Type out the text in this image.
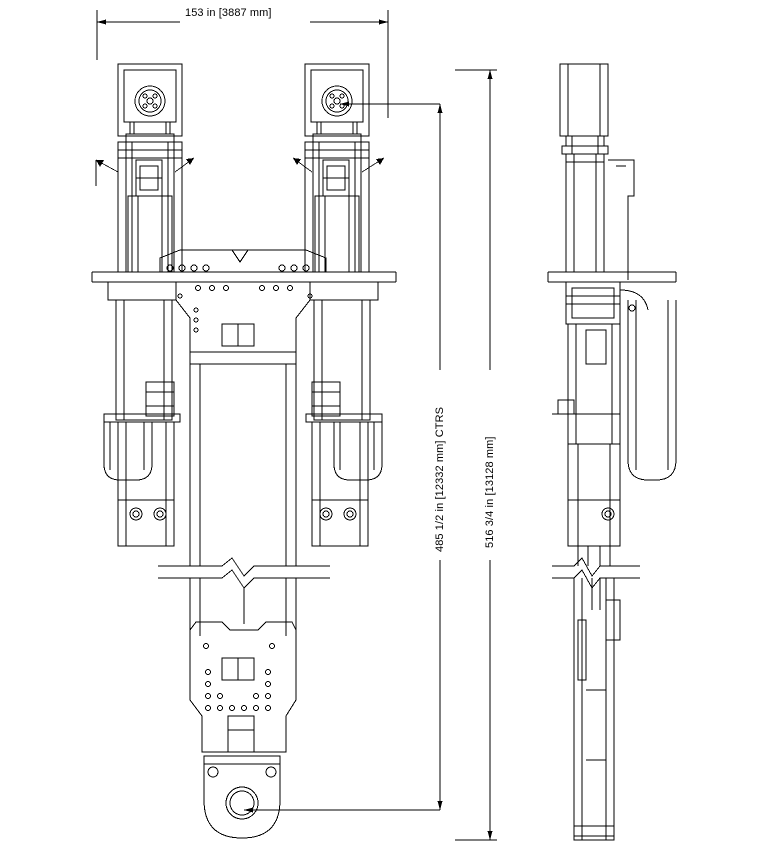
153 in [3887 mm]
485 1/2 in [12332 mm] CTRS	516 3/4 in [13128 mm]
